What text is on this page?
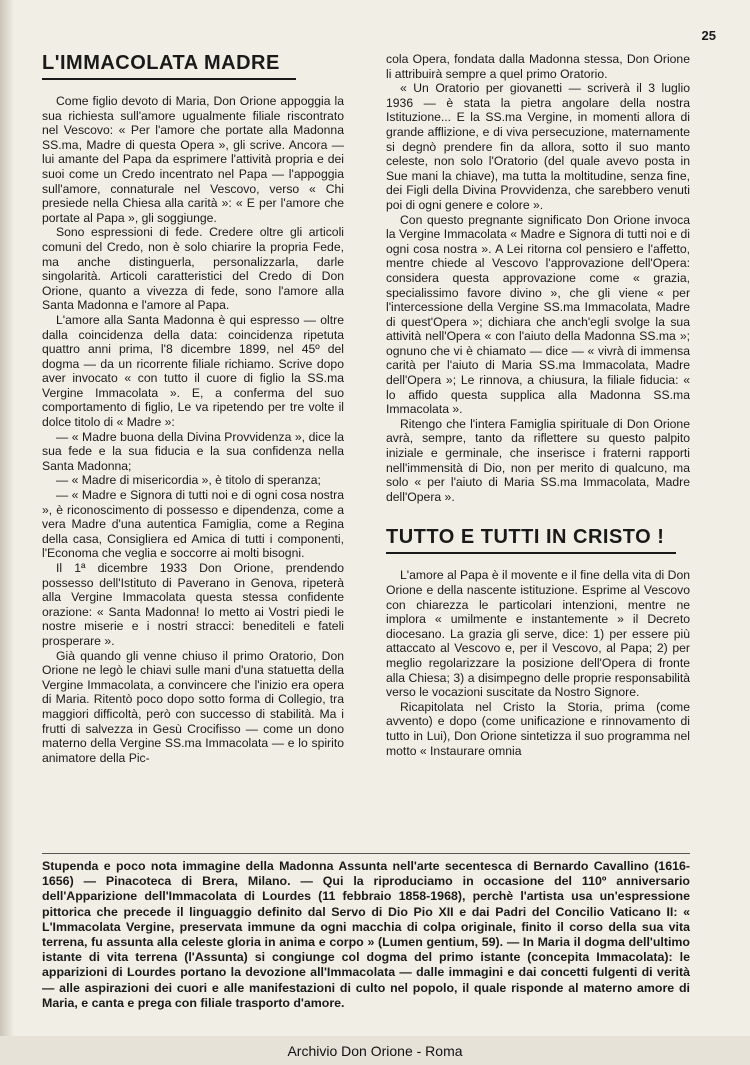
25
L'IMMACOLATA MADRE

Come figlio devoto di Maria, Don Orione appoggia la sua richiesta sull'amore ugualmente filiale riscontrato nel Vescovo: « Per l'amore che portate alla Madonna SS.ma, Madre di questa Opera », gli scrive. Ancora — lui amante del Papa da esprimere l'attività propria e dei suoi come un Credo incentrato nel Papa — l'appoggia sull'amore, connaturale nel Vescovo, verso « Chi presiede nella Chiesa alla carità »: « E per l'amore che portate al Papa », gli soggiunge.

Sono espressioni di fede. Credere oltre gli articoli comuni del Credo, non è solo chiarire la propria Fede, ma anche distinguerla, personalizzarla, darle singolarità. Articoli caratteristici del Credo di Don Orione, quanto a vivezza di fede, sono l'amore alla Santa Madonna e l'amore al Papa.

L'amore alla Santa Madonna è qui espresso — oltre dalla coincidenza della data: coincidenza ripetuta quattro anni prima, l'8 dicembre 1899, nel 45º del dogma — da un ricorrente filiale richiamo. Scrive dopo aver invocato « con tutto il cuore di figlio la SS.ma Vergine Immacolata ». E, a conferma del suo comportamento di figlio, Le va ripetendo per tre volte il dolce titolo di « Madre »:

— « Madre buona della Divina Provvidenza », dice la sua fede e la sua fiducia e la sua confidenza nella Santa Madonna;

— « Madre di misericordia », è titolo di speranza;

— « Madre e Signora di tutti noi e di ogni cosa nostra », è riconoscimento di possesso e dipendenza, come a vera Madre d'una autentica Famiglia, come a Regina della casa, Consigliera ed Amica di tutti i componenti, l'Economa che veglia e soccorre ai molti bisogni.

Il 1ª dicembre 1933 Don Orione, prendendo possesso dell'Istituto di Paverano in Genova, ripeterà alla Vergine Immacolata questa stessa confidente orazione: « Santa Madonna! Io metto ai Vostri piedi le nostre miserie e i nostri stracci: benediteli e fateli prosperare ».

Già quando gli venne chiuso il primo Oratorio, Don Orione ne legò le chiavi sulle mani d'una statuetta della Vergine Immacolata, a convincere che l'inizio era opera di Maria. Ritentò poco dopo sotto forma di Collegio, tra maggiori difficoltà, però con successo di stabilità. Ma i frutti di salvezza in Gesù Crocifisso — come un dono materno della Vergine SS.ma Immacolata — e lo spirito animatore della Pic-

cola Opera, fondata dalla Madonna stessa, Don Orione li attribuirà sempre a quel primo Oratorio.

« Un Oratorio per giovanetti — scriverà il 3 luglio 1936 — è stata la pietra angolare della nostra Istituzione... E la SS.ma Vergine, in momenti allora di grande afflizione, e di viva persecuzione, maternamente si degnò prendere fin da allora, sotto il suo manto celeste, non solo l'Oratorio (del quale avevo posta in Sue mani la chiave), ma tutta la moltitudine, senza fine, dei Figli della Divina Provvidenza, che sarebbero venuti poi di ogni genere e colore ».

Con questo pregnante significato Don Orione invoca la Vergine Immacolata « Madre e Signora di tutti noi e di ogni cosa nostra ». A Lei ritorna col pensiero e l'affetto, mentre chiede al Vescovo l'approvazione dell'Opera: considera questa approvazione come « grazia, specialissimo favore divino », che gli viene « per l'intercessione della Vergine SS.ma Immacolata, Madre di quest'Opera »; dichiara che anch'egli svolge la sua attività nell'Opera « con l'aiuto della Madonna SS.ma »; ognuno che vi è chiamato — dice — « vivrà di immensa carità per l'aiuto di Maria SS.ma Immacolata, Madre dell'Opera »; Le rinnova, a chiusura, la filiale fiducia: « lo affido questa supplica alla Madonna SS.ma Immacolata ».

Ritengo che l'intera Famiglia spirituale di Don Orione avrà, sempre, tanto da riflettere su questo palpito iniziale e germinale, che inserisce i fraterni rapporti nell'immensità di Dio, non per merito di qualcuno, ma solo « per l'aiuto di Maria SS.ma Immacolata, Madre dell'Opera ».

TUTTO E TUTTI IN CRISTO !

L'amore al Papa è il movente e il fine della vita di Don Orione e della nascente istituzione. Esprime al Vescovo con chiarezza le particolari intenzioni, mentre ne implora « umilmente e instantemente » il Decreto diocesano. La grazia gli serve, dice: 1) per essere più attaccato al Vescovo e, per il Vescovo, al Papa; 2) per meglio regolarizzare la posizione dell'Opera di fronte alla Chiesa; 3) a disimpegno delle proprie responsabilità verso le vocazioni suscitate da Nostro Signore.

Ricapitolata nel Cristo la Storia, prima (come avvento) e dopo (come unificazione e rinnovamento di tutto in Lui), Don Orione sintetizza il suo programma nel motto « Instaurare omnia

Stupenda e poco nota immagine della Madonna Assunta nell'arte secentesca di Bernardo Cavallino (1616-1656) — Pinacoteca di Brera, Milano. — Qui la riproduciamo in occasione del 110º anniversario dell'Apparizione dell'Immacolata di Lourdes (11 febbraio 1858-1968), perchè l'artista usa un'espressione pittorica che precede il linguaggio definito dal Servo di Dio Pio XII e dai Padri del Concilio Vaticano II: « L'Immacolata Vergine, preservata immune da ogni macchia di colpa originale, finito il corso della sua vita terrena, fu assunta alla celeste gloria in anima e corpo » (Lumen gentium, 59). — In Maria il dogma dell'ultimo istante di vita terrena (l'Assunta) si congiunge col dogma del primo istante (concepita Immacolata): le apparizioni di Lourdes portano la devozione all'Immacolata — dalle immagini e dai concetti fulgenti di verità — alle aspirazioni dei cuori e alle manifestazioni di culto nel popolo, il quale risponde al materno amore di Maria, e canta e prega con filiale trasporto d'amore.
Archivio Don Orione - Roma
